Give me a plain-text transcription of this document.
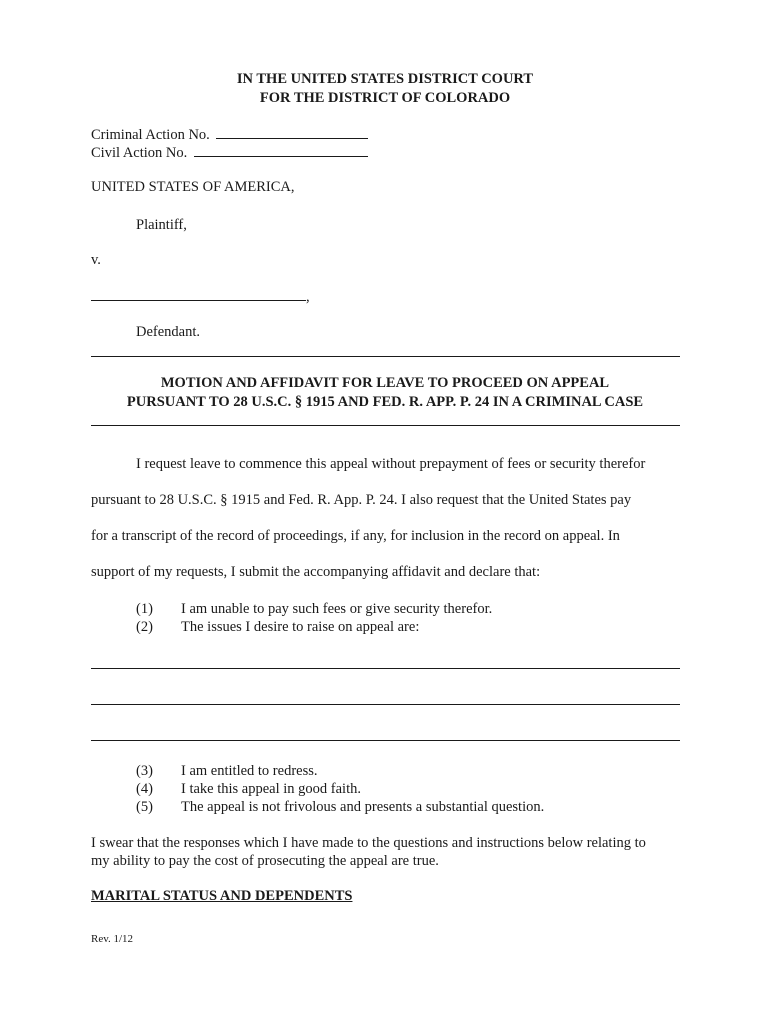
IN THE UNITED STATES DISTRICT COURT
FOR THE DISTRICT OF COLORADO
Criminal Action No.
Civil Action No.
UNITED STATES OF AMERICA,
Plaintiff,
v.
,
Defendant.
MOTION AND AFFIDAVIT FOR LEAVE TO PROCEED ON APPEAL
PURSUANT TO 28 U.S.C. § 1915 AND FED. R. APP. P. 24 IN A CRIMINAL CASE
I request leave to commence this appeal without prepayment of fees or security therefor
pursuant to 28 U.S.C. § 1915 and Fed. R. App. P. 24. I also request that the United States pay
for a transcript of the record of proceedings, if any, for inclusion in the record on appeal. In
support of my requests, I submit the accompanying affidavit and declare that:
(1)	I am unable to pay such fees or give security therefor.
(2)	The issues I desire to raise on appeal are:
(3)	I am entitled to redress.
(4)	I take this appeal in good faith.
(5)	The appeal is not frivolous and presents a substantial question.
I swear that the responses which I have made to the questions and instructions below relating to
my ability to pay the cost of prosecuting the appeal are true.
MARITAL STATUS AND DEPENDENTS
Rev. 1/12
